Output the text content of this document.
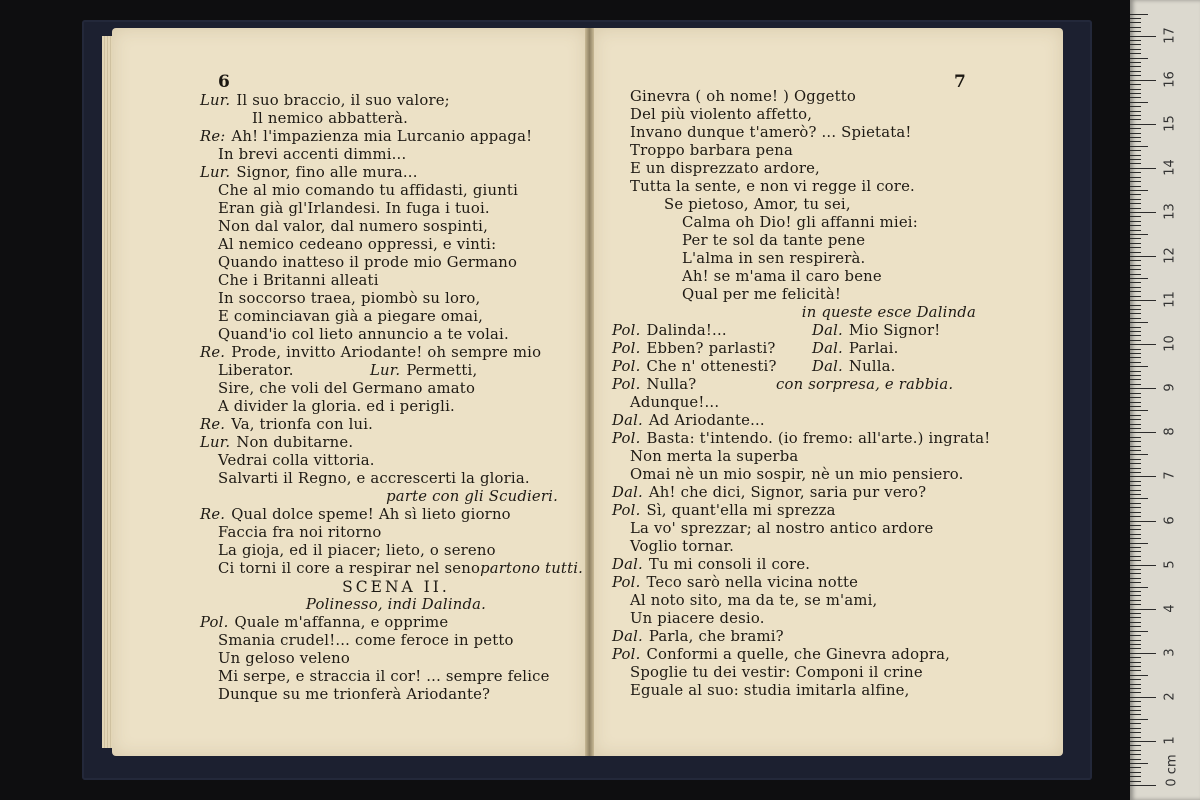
6	7
Lur. Il suo braccio, il suo valore;
Il nemico abbatterà.
Re: Ah! l'impazienza mia Lurcanio appaga!
In brevi accenti dimmi...
Lur. Signor, fino alle mura...
Che al mio comando tu affidasti, giunti
Eran già gl'Irlandesi. In fuga i tuoi.
Non dal valor, dal numero sospinti,
Al nemico cedeano oppressi, e vinti:
Quando inatteso il prode mio Germano
Che i Britanni alleati
In soccorso traea, piombò su loro,
E cominciavan già a piegare omai,
Quand'io col lieto annuncio a te volai.
Re. Prode, invitto Ariodante! oh sempre mio
Liberator.	Lur. Permetti,
Sire, che voli del Germano amato
A divider la gloria. ed i perigli.
Re. Va, trionfa con lui.
Lur. Non dubitarne.
Vedrai colla vittoria.
Salvarti il Regno, e accrescerti la gloria.
parte con gli Scudieri.
Re. Qual dolce speme! Ah sì lieto giorno
Faccia fra noi ritorno
La gioja, ed il piacer; lieto, o sereno
Ci torni il core a respirar nel senopartono tutti.
SCENA II.
Polinesso, indi Dalinda.
Pol. Quale m'affanna, e opprime
Smania crudel!... come feroce in petto
Un geloso veleno
Mi serpe, e straccia il cor! ... sempre felice
Dunque su me trionferà Ariodante?
Ginevra ( oh nome! ) Oggetto
Del più violento affetto,
Invano dunque t'amerò? ... Spietata!
Troppo barbara pena
E un disprezzato ardore,
Tutta la sente, e non vi regge il core.
Se pietoso, Amor, tu sei,
Calma oh Dio! gli affanni miei:
Per te sol da tante pene
L'alma in sen respirerà.
Ah! se m'ama il caro bene
Qual per me felicità!
in queste esce Dalinda
Pol. Dalinda!...	Dal. Mio Signor!
Pol. Ebben? parlasti? Dal. Parlai.
Pol. Che n' ottenesti? Dal. Nulla.
Pol. Nulla?	con sorpresa, e rabbia.
Adunque!...
Dal. Ad Ariodante...
Pol. Basta: t'intendo. (io fremo: all'arte.) ingrata!
Non merta la superba
Omai nè un mio sospir, nè un mio pensiero.
Dal. Ah! che dici, Signor, saria pur vero?
Pol. Sì, quant'ella mi sprezza
La vo' sprezzar; al nostro antico ardore
Voglio tornar.
Dal. Tu mi consoli il core.
Pol. Teco sarò nella vicina notte
Al noto sito, ma da te, se m'ami,
Un piacere desio.
Dal. Parla, che brami?
Pol. Conformi a quelle, che Ginevra adopra,
Spoglie tu dei vestir: Componi il crine
Eguale al suo: studia imitarla alfine,
17
16
15
14
13
12
11
10
9
8
7
6
5
4
3
2
1
0 cm
